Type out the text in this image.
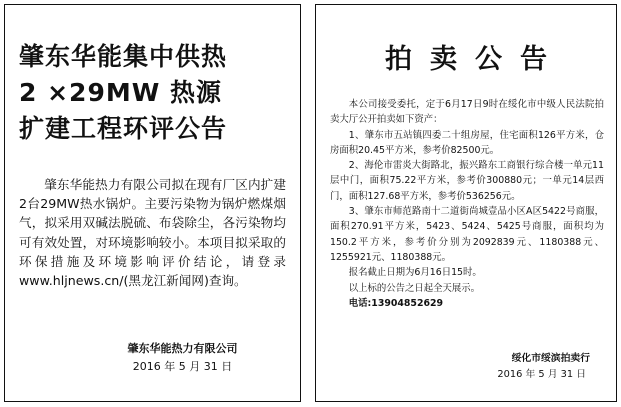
肇东华能集中供热
2 ×29MW 热源
扩建工程环评公告
肇东华能热力有限公司拟在现有厂区内扩建2台29MW热水锅炉。主要污染物为锅炉燃煤烟气，拟采用双碱法脱硫、布袋除尘，各污染物均可有效处置，对环境影响较小。本项目拟采取的环保措施及环境影响评价结论，请登录www.hljnews.cn/(黑龙江新闻网)查询。
肇东华能热力有限公司
2016 年 5 月 31 日
拍卖公告

本公司接受委托，定于6月17日9时在绥化市中级人民法院拍卖大厅公开拍卖如下资产：

1、肇东市五站镇四委二十组房屋，住宅面积126平方米，仓房面积20.45平方米，参考价82500元。

2、海伦市雷炎大街路北，振兴路东工商银行综合楼一单元11层中门，面积75.22平方米，参考价300880元；一单元14层西门，面积127.68平方米，参考价536256元。

3、肇东市师范路南十二道街尚城壹品小区A区5422号商服，面积270.91平方米，5423、5424、5425号商服，面积均为150.2平方米，参考价分别为2092839元、1180388元、1255921元、1180388元。

报名截止日期为6月16日15时。

以上标的公告之日起全天展示。

电话:13904852629

绥化市绥滨拍卖行
2016 年 5 月 31 日
